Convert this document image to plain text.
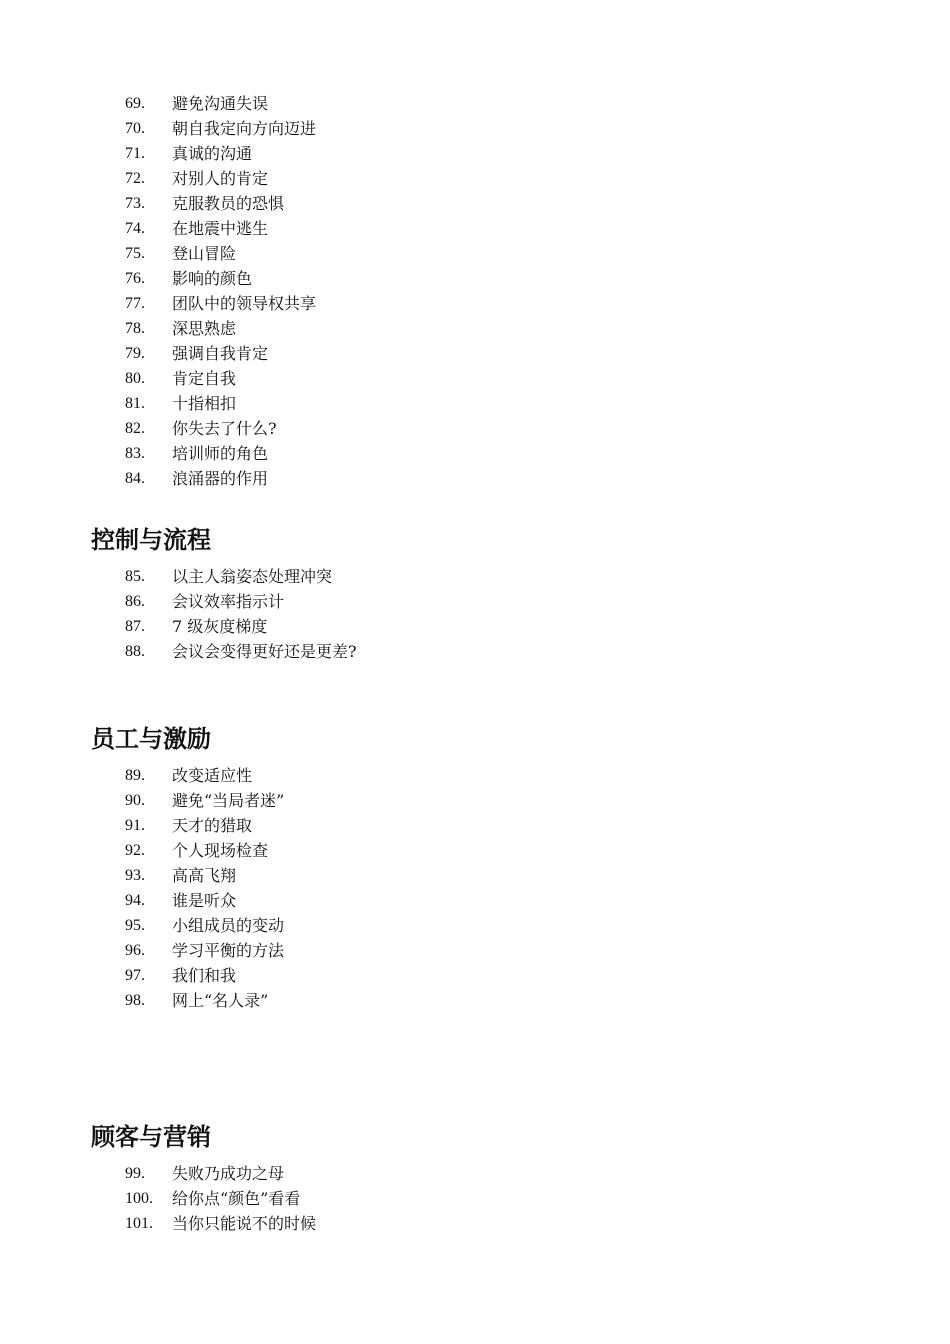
69. 避免沟通失误
70. 朝自我定向方向迈进
71. 真诚的沟通
72. 对别人的肯定
73. 克服教员的恐惧
74. 在地震中逃生
75. 登山冒险
76. 影响的颜色
77. 团队中的领导权共享
78. 深思熟虑
79. 强调自我肯定
80. 肯定自我
81. 十指相扣
82. 你失去了什么?
83. 培训师的角色
84. 浪涌器的作用
控制与流程
85. 以主人翁姿态处理冲突
86. 会议效率指示计
87. 7 级灰度梯度
88. 会议会变得更好还是更差?
员工与激励
89. 改变适应性
90. 避免“当局者迷”
91. 天才的猎取
92. 个人现场检查
93. 高高飞翔
94. 谁是听众
95. 小组成员的变动
96. 学习平衡的方法
97. 我们和我
98. 网上“名人录”
顾客与营销
99. 失败乃成功之母
100. 给你点“颜色”看看
101. 当你只能说不的时候
